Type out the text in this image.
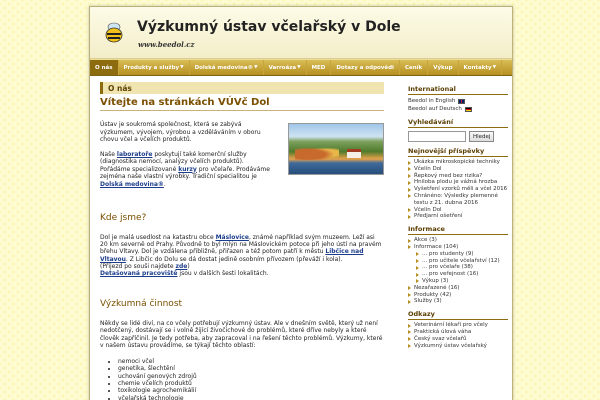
Výzkumný ústav včelařský v Dole
www.beedol.cz
O nás Produkty a služby ▼ Dolská medovina® ▼ Varroáza ▼ MED Dotazy a odpovědi Ceník Výkup Kontakty ▼
O nás
Vítejte na stránkách VÚVč Dol

Ústav je soukromá společnost, která se zabývá výzkumem, vývojem, výrobou a vzděláváním v oboru chovu včel a včelích produktů.

Naše laboratoře poskytují také komerční služby (diagnostika nemocí, analýzy včelích produktů). Pořádáme specializované kurzy pro včelaře. Prodáváme zejména naše vlastní výrobky. Tradiční specialitou je Dolská medovina®.

Kde jsme?
Dol je malá usedlost na katastru obce Máslovice, známé například svým muzeem. Leží asi 20 km severně od Prahy. Původně to byl mlýn na Máslovickém potoce při jeho ústí na pravém břehu Vltavy. Dol je vzdálena přibližně, přiřazen a též potom patří k městu Libčice nad Vltavou. Z Libčic do Dolu se dá dostat jedině osobním přívozem (převáží i kola).
(Přijezd po souši najdete zde)
Detašovaná pracoviště jsou v dalších šesti lokalitách.
Výzkumná činnost
Někdy se lidé diví, na co včely potřebují výzkumný ústav. Ale v dnešním světě, který už není nedotčený, dostávají se i volně žijící živočichové do problémů, které dříve nebyly a které člověk zapříčinil. Je tedy potřeba, aby zapracoval i na řešení těchto problémů. Výzkumy, které v našem ústavu provádíme, se týkají těchto oblastí:
• nemoci včel
• genetika, šlechtění
• uchování genových zdrojů
• chemie včelích produktů
• toxikologie agrochemikálií
• včelařská technologie
International
Beedol in English
Beedol auf Deutsch
Vyhledávání
Hledej
Nejnovější příspěvky
Ukázka mikroskopické techniky
Včelín Dol
Řepkový med bez rizika?
Hniloba plodu je vážná hrozba
Vyšetření vzorků měli a včel 2016
Chránéno: Výsledky plemenné testu z 21. dubna 2016
Včelín Dol
Předjarní ošetření
Informace
Akce (3)
Informace (104)
... pro studenty (9)
... pro učitele včelařství (12)
... pro včelaře (38)
... pro veřejnost (16)
Výkup (3)
Nezařazené (16)
Produkty (42)
Služby (3)
Odkazy
Veterinární lékaři pro včely
Praktická úlová váha
Český svaz včelařů
Výzkumný ústav včelařský
